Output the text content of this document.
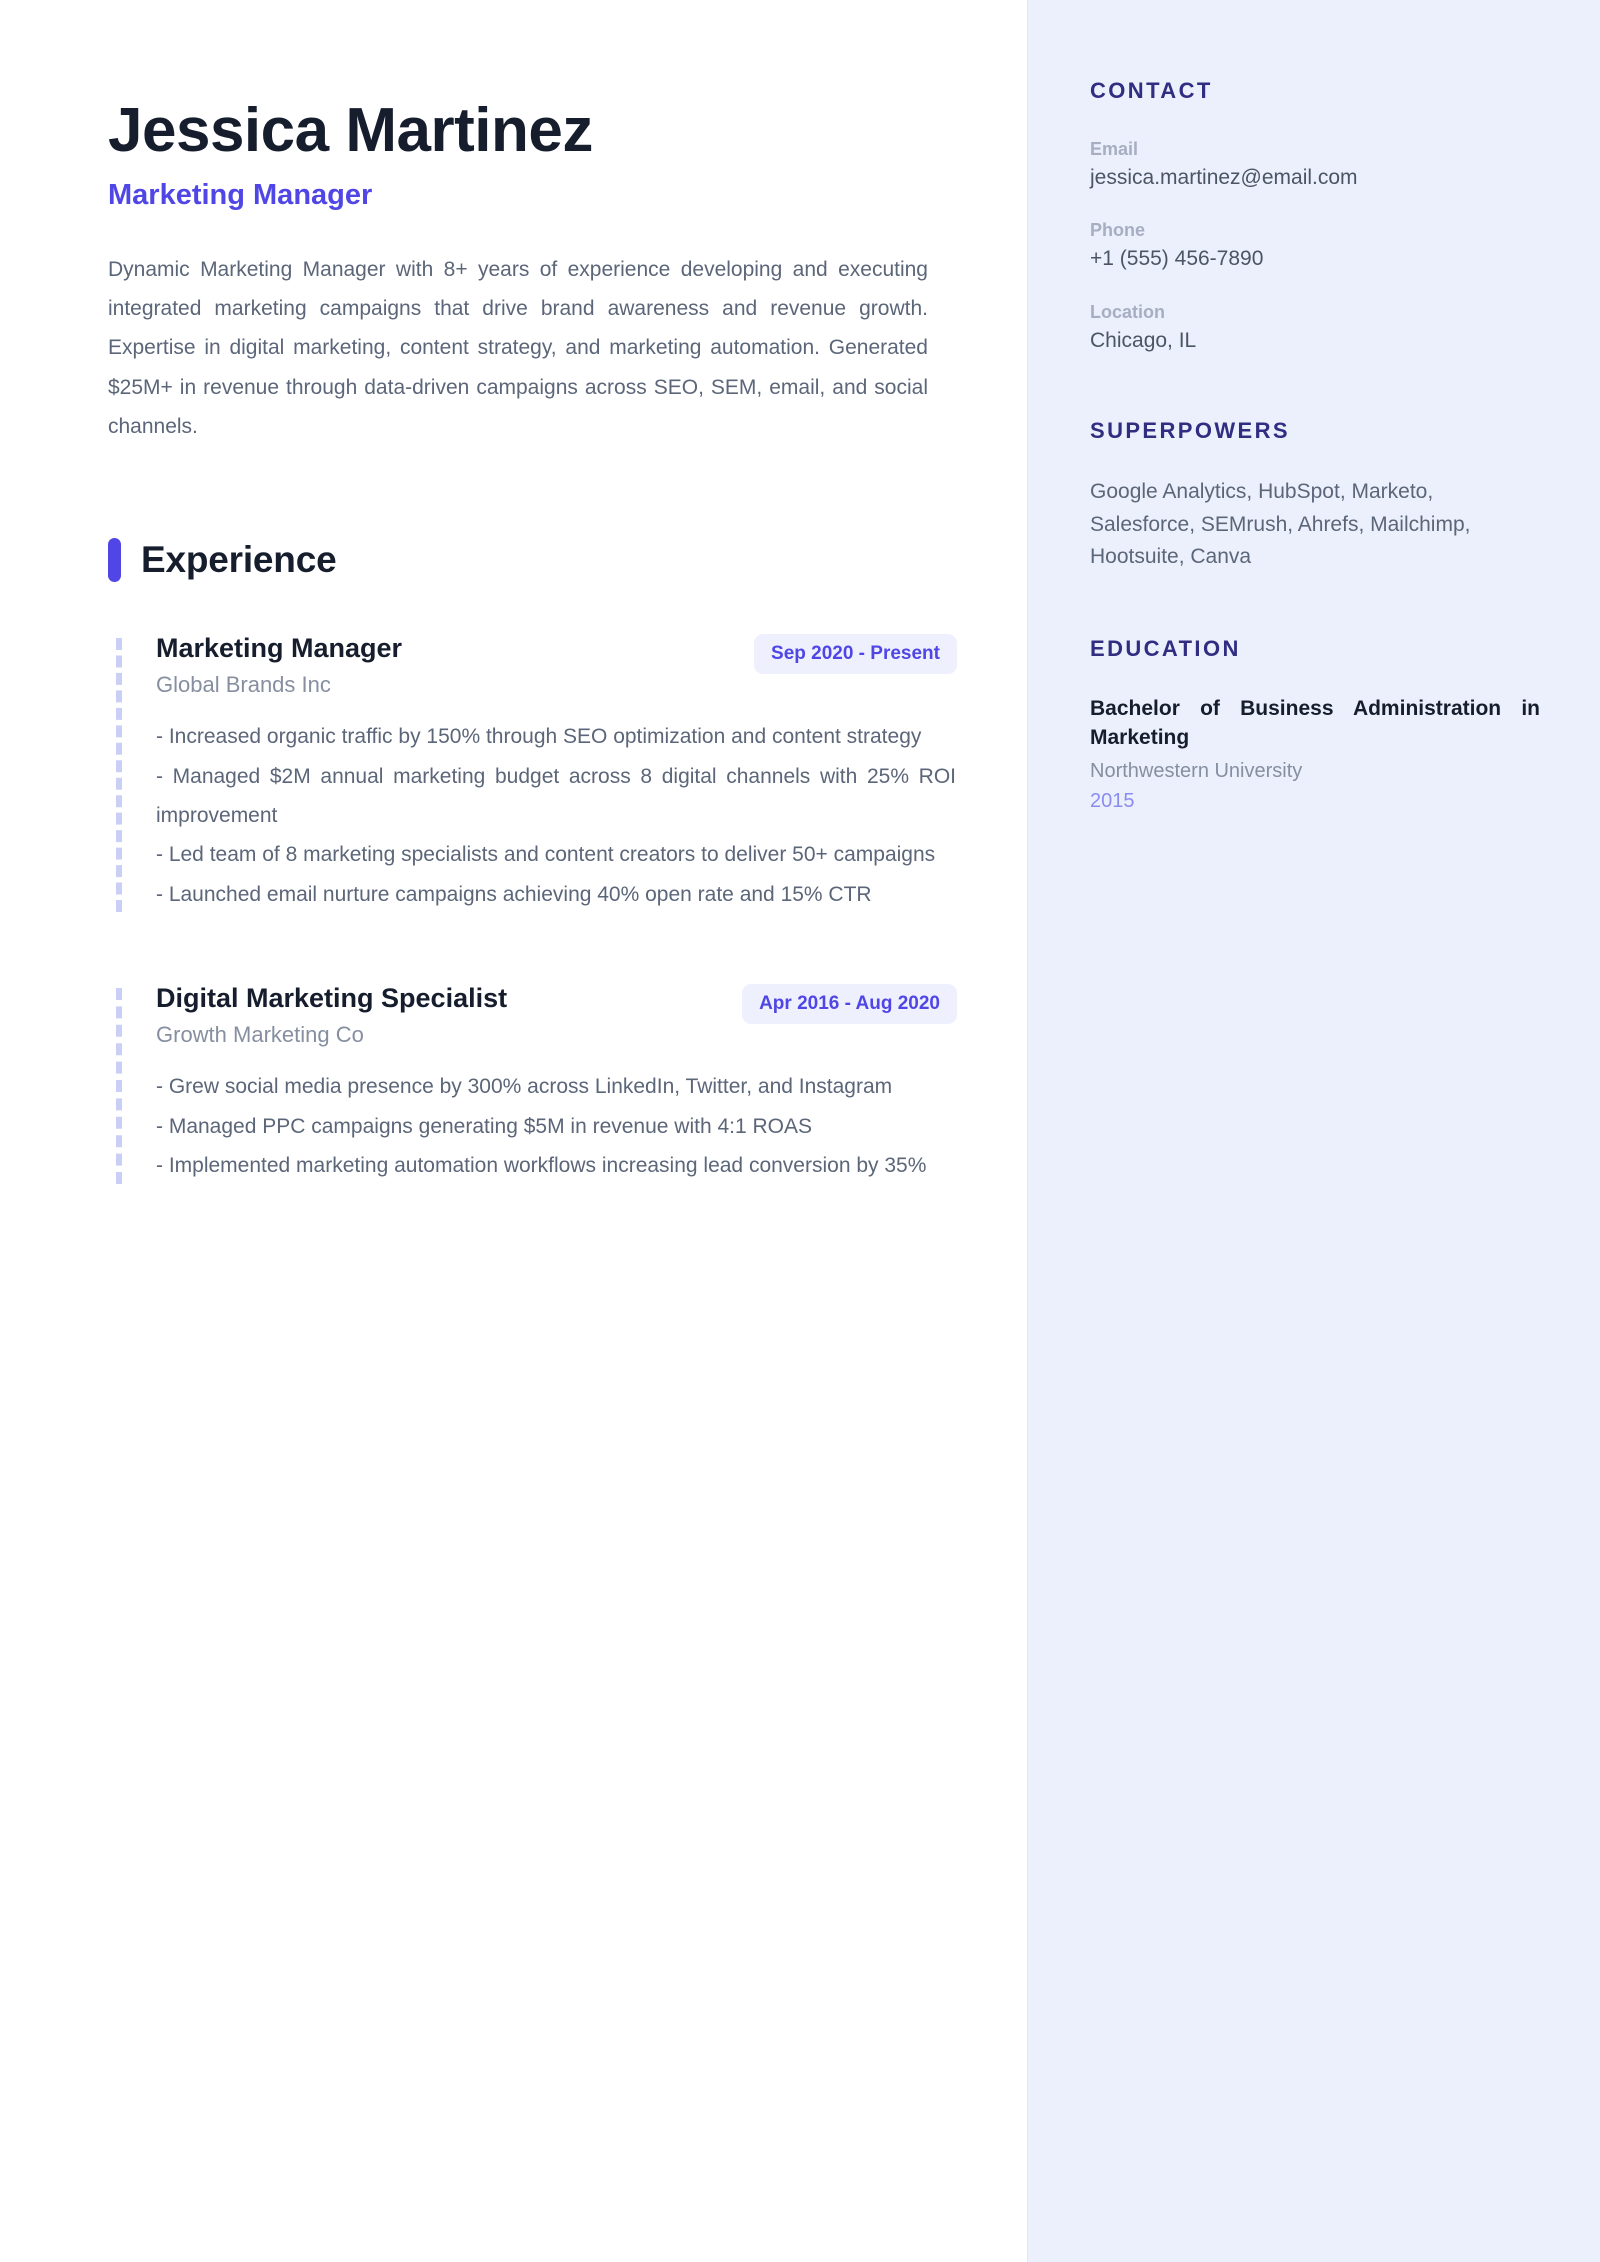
Jessica Martinez
Marketing Manager

Dynamic Marketing Manager with 8+ years of experience developing and executing integrated marketing campaigns that drive brand awareness and revenue growth. Expertise in digital marketing, content strategy, and marketing automation. Generated $25M+ in revenue through data-driven campaigns across SEO, SEM, email, and social channels.

Experience
Marketing Manager
Global Brands Inc
Sep 2020 - Present
- Increased organic traffic by 150% through SEO optimization and content strategy
- Managed $2M annual marketing budget across 8 digital channels with 25% ROI improvement
- Led team of 8 marketing specialists and content creators to deliver 50+ campaigns
- Launched email nurture campaigns achieving 40% open rate and 15% CTR
Digital Marketing Specialist
Growth Marketing Co
Apr 2016 - Aug 2020
- Grew social media presence by 300% across LinkedIn, Twitter, and Instagram
- Managed PPC campaigns generating $5M in revenue with 4:1 ROAS
- Implemented marketing automation workflows increasing lead conversion by 35%
CONTACT
Email
jessica.martinez@email.com
Phone
+1 (555) 456-7890
Location
Chicago, IL
SUPERPOWERS
Google Analytics, HubSpot, Marketo, Salesforce, SEMrush, Ahrefs, Mailchimp, Hootsuite, Canva
EDUCATION
Bachelor of Business Administration in Marketing
Northwestern University
2015
